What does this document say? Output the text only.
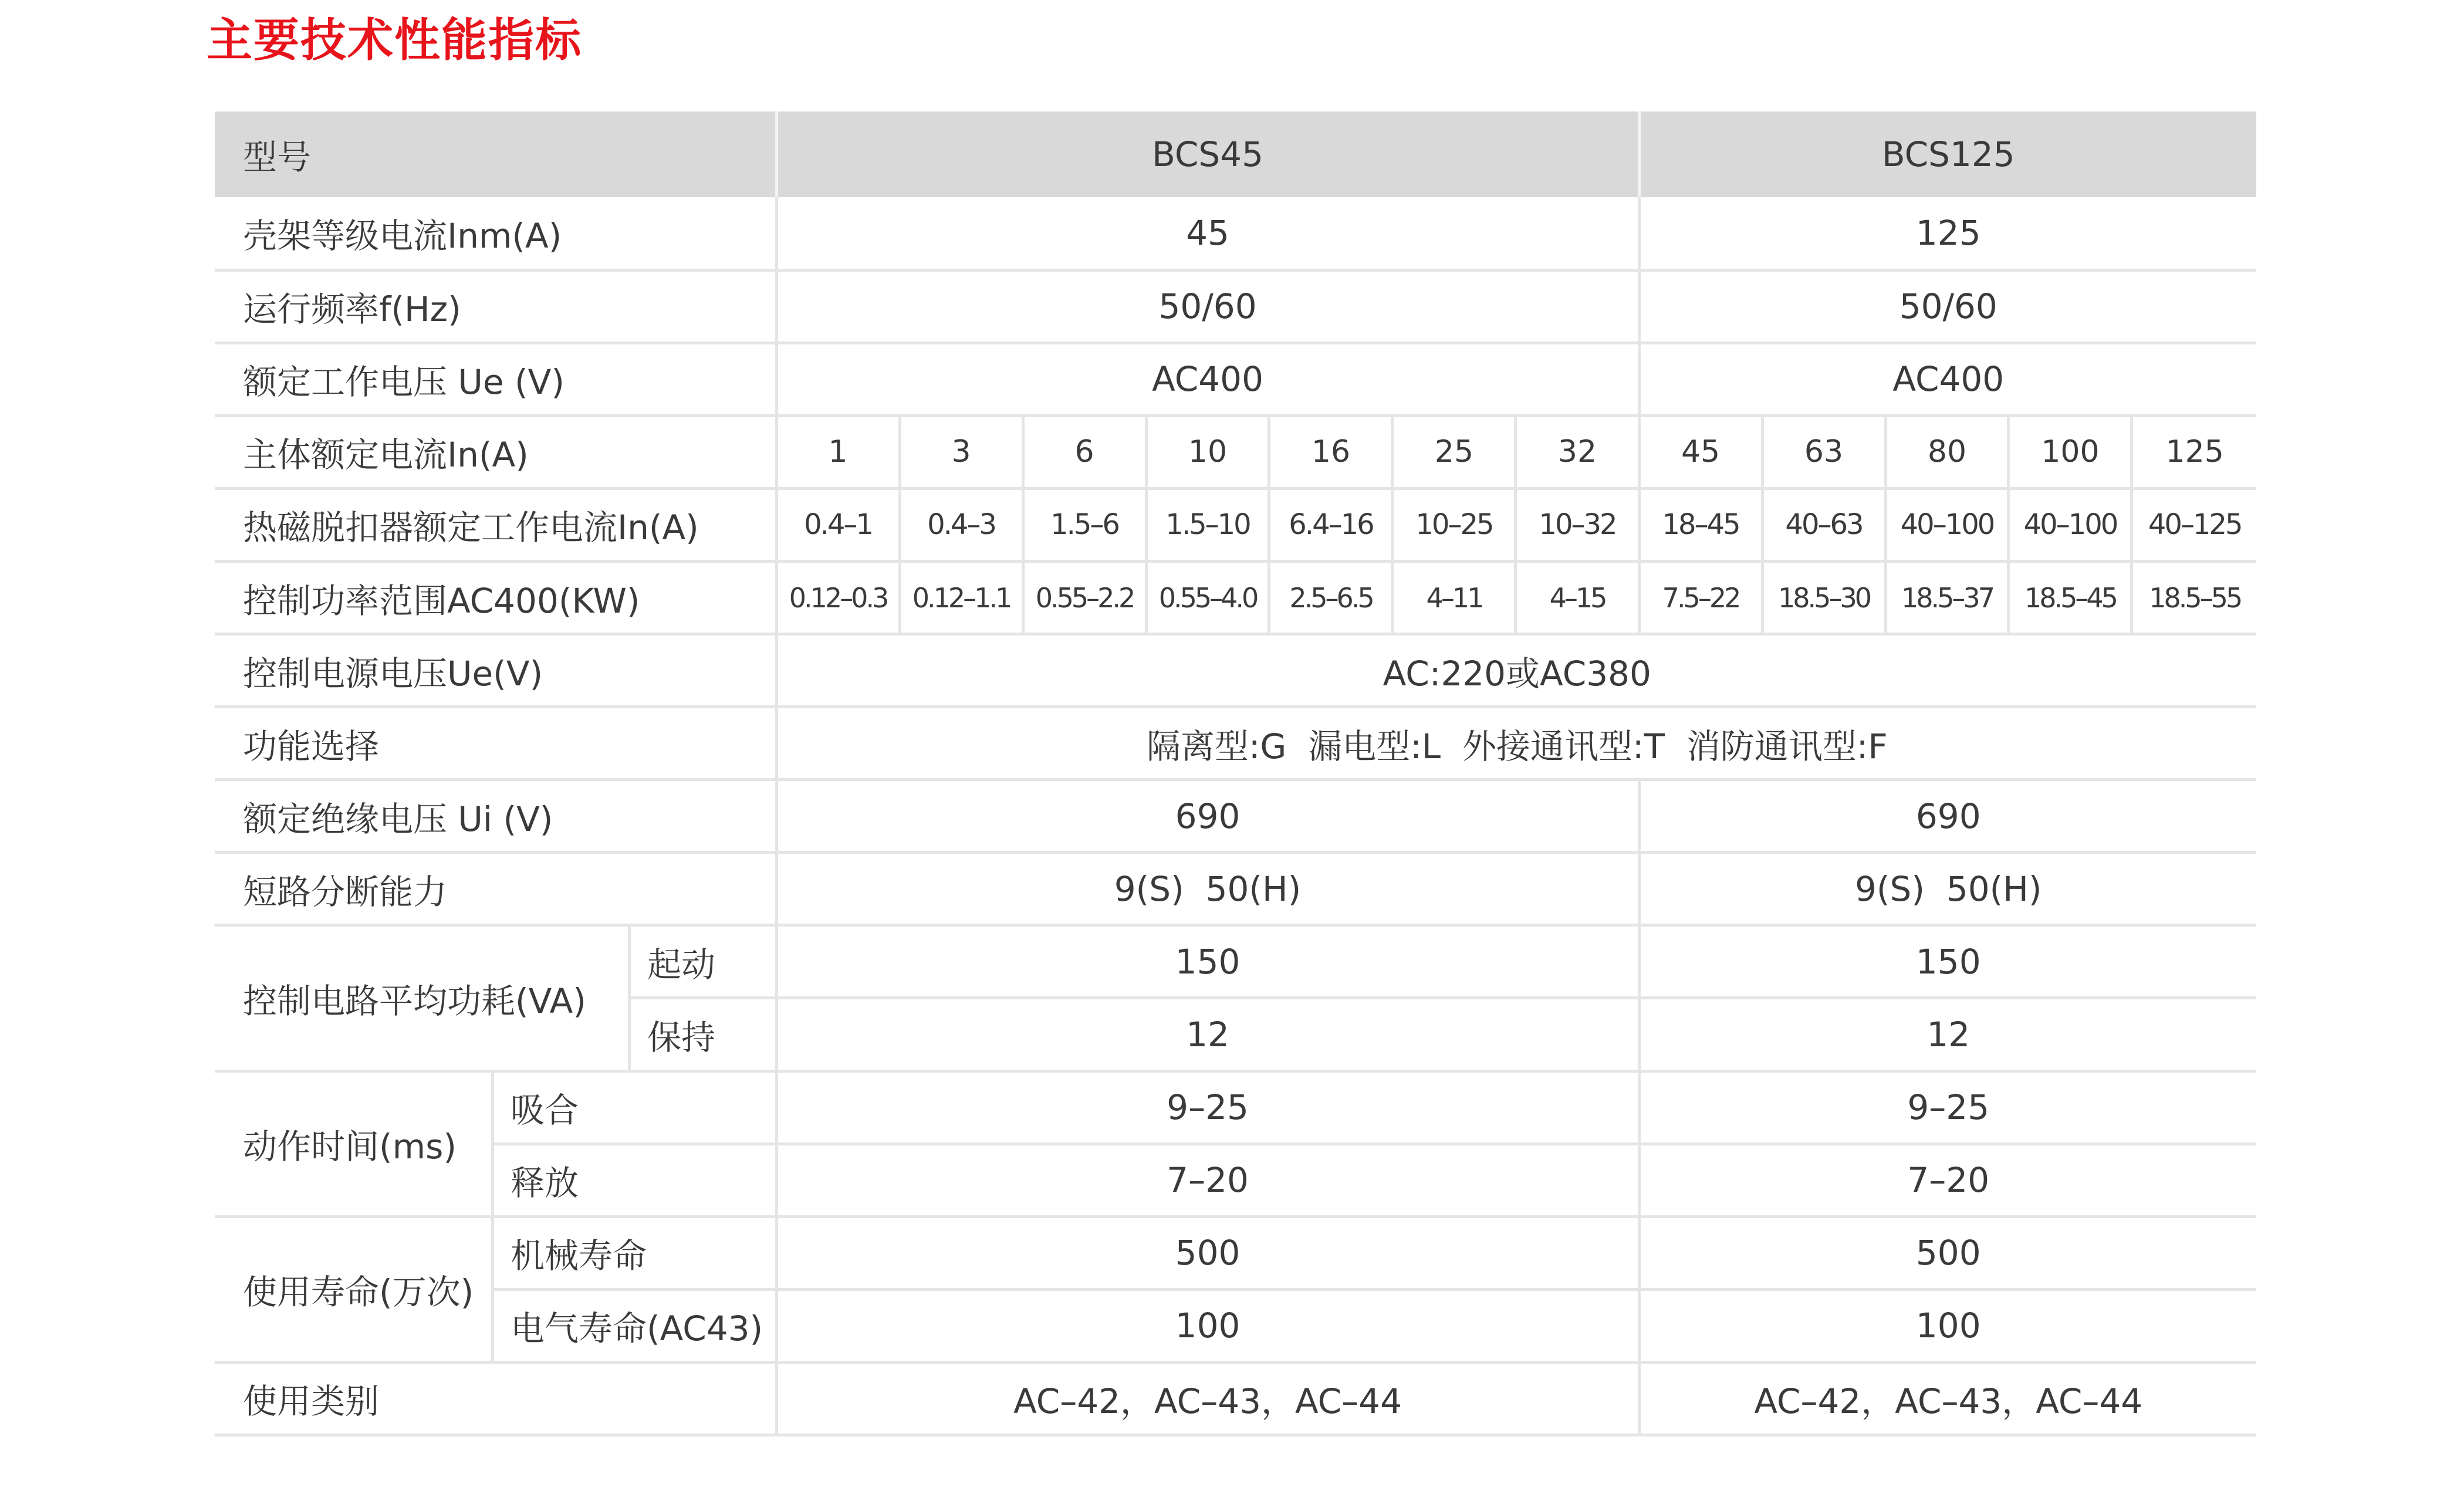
主要技术性能指标
型号			BCS45							BCS125				
壳架等级电流Inm(A)			45							125				
运行频率f(Hz)			50/60							50/60				
额定工作电压 Ue (V)			AC400							AC400				
主体额定电流In(A)			1	3	6	10	16	25	32	45	63	80	100	125
热磁脱扣器额定工作电流In(A)			0.4–1	0.4–3	1.5–6	1.5–10	6.4–16	10–25	10–32	18–45	40–63	40–100	40–100	40–125
控制功率范围AC400(KW)			0.12–0.3	0.12–1.1	0.55–2.2	0.55–4.0	2.5–6.5	4–11	4–15	7.5–22	18.5–30	18.5–37	18.5–45	18.5–55
控制电源电压Ue(V)			AC:220或AC380											
功能选择			隔离型:G  漏电型:L  外接通讯型:T  消防通讯型:F											
额定绝缘电压 Ui (V)			690							690				
短路分断能力			9(S)  50(H)							9(S)  50(H)				
控制电路平均功耗(VA)		起动	150							150				
		保持	12							12				
动作时间(ms)	吸合		9–25							9–25				
	释放		7–20							7–20				
使用寿命(万次)	机械寿命		500							500				
	电气寿命(AC43)		100							100				
使用类别			AC–42，AC–43，AC–44							AC–42，AC–43，AC–44				
